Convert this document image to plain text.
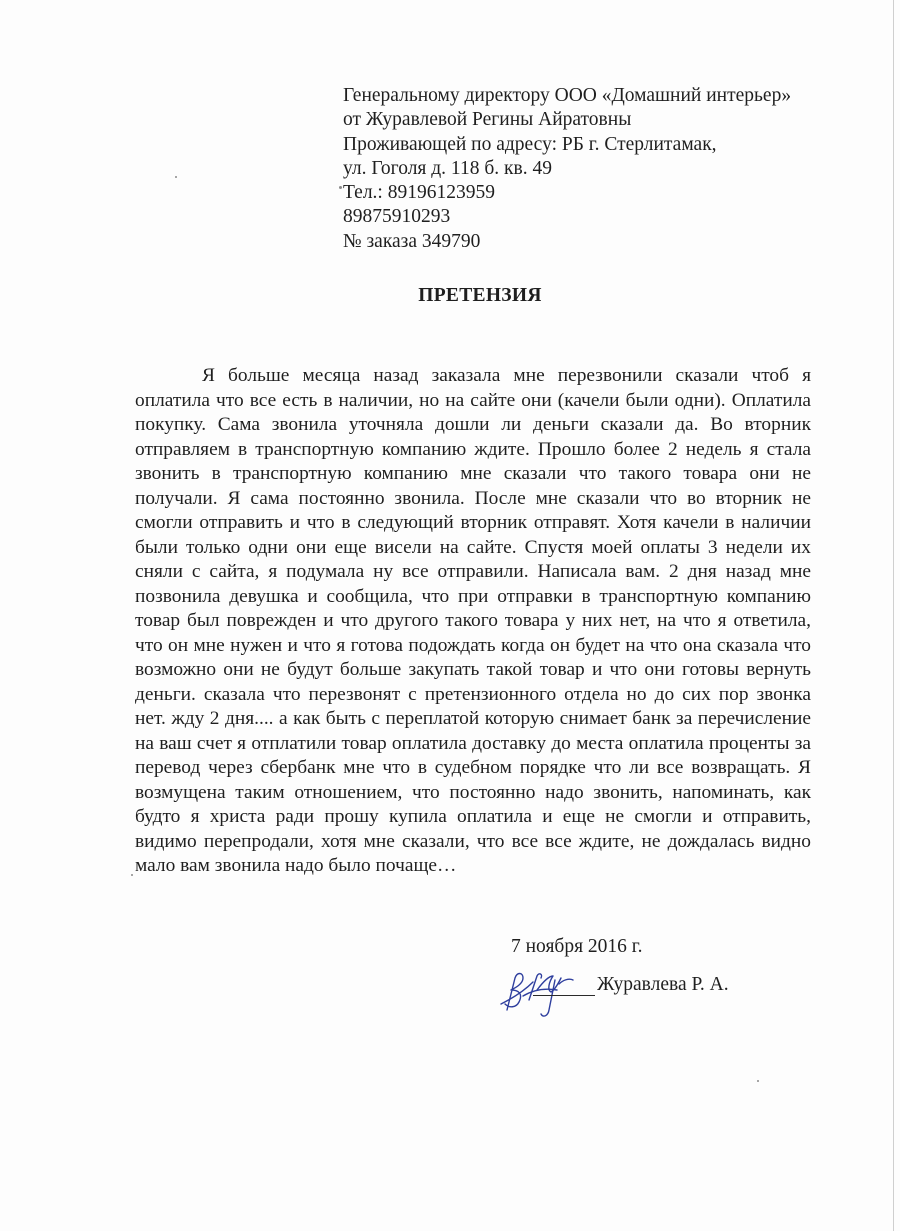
Генеральному директору ООО «Домашний интерьер»
от Журавлевой Регины Айратовны
Проживающей по адресу: РБ г. Стерлитамак,
ул. Гоголя д. 118 б. кв. 49
Тел.: 89196123959
89875910293
№ заказа 349790
ПРЕТЕНЗИЯ

Я больше месяца назад заказала мне перезвонили сказали чтоб я оплатила что все есть в наличии, но на сайте они (качели были одни). Оплатила покупку. Сама звонила уточняла дошли ли деньги сказали да. Во вторник отправляем в транспортную компанию ждите. Прошло более 2 недель я стала звонить в транспортную компанию мне сказали что такого товара они не получали. Я сама постоянно звонила. После мне сказали что во вторник не смогли отправить и что в следующий вторник отправят. Хотя качели в наличии были только одни они еще висели на сайте. Спустя моей оплаты 3 недели их сняли с сайта, я подумала ну все отправили. Написала вам. 2 дня назад мне позвонила девушка и сообщила, что при отправки в транспортную компанию товар был поврежден и что другого такого товара у них нет, на что я ответила, что он мне нужен и что я готова подождать когда он будет на что она сказала что возможно они не будут больше закупать такой товар и что они готовы вернуть деньги. сказала что перезвонят с претензионного отдела но до сих пор звонка нет. жду 2 дня.... а как быть с переплатой которую снимает банк за перечисление на ваш счет я отплатили товар оплатила доставку до места оплатила проценты за перевод через сбербанк мне что в судебном порядке что ли все возвращать. Я возмущена таким отношением, что постоянно надо звонить, напоминать, как будто я христа ради прошу купила оплатила и еще не смогли и отправить, видимо перепродали, хотя мне сказали, что все все ждите, не дождалась видно мало вам звонила надо было почаще…

7 ноября 2016 г.
Журавлева Р. А.
